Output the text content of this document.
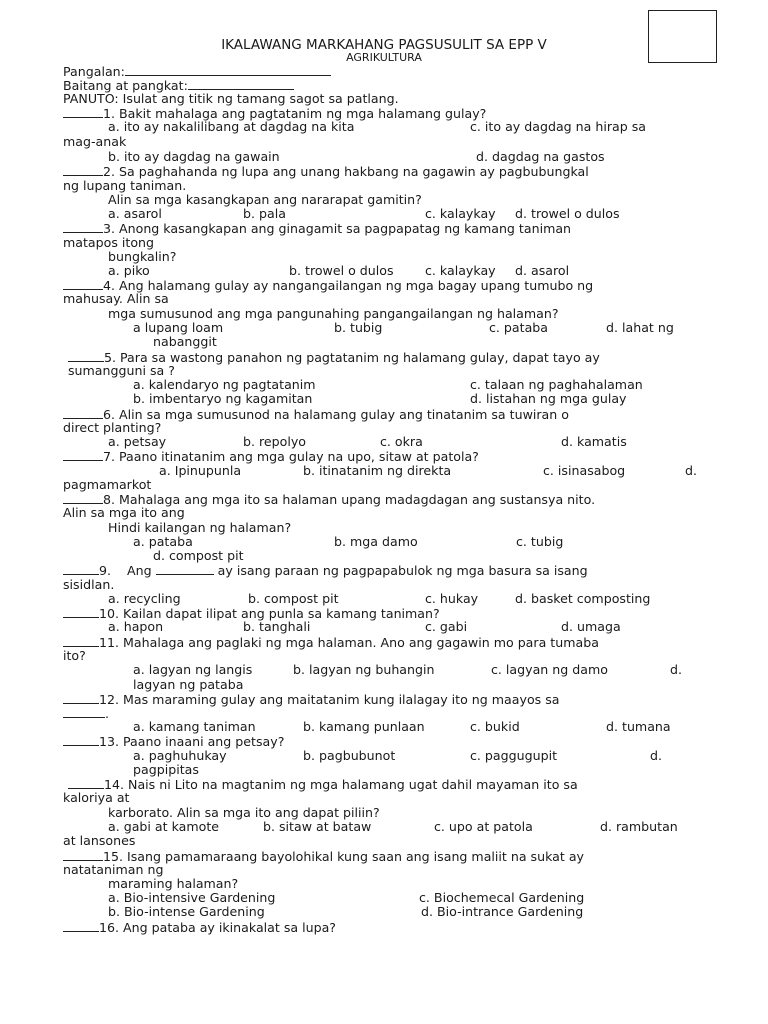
IKALAWANG MARKAHANG PAGSUSULIT SA EPP V
AGRIKULTURA
Pangalan:
Baitang at pangkat:
PANUTO: Isulat ang titik ng tamang sagot sa patlang.
1. Bakit mahalaga ang pagtatanim ng mga halamang gulay?
a. ito ay nakalilibang at dagdag na kita	c. ito ay dagdag na hirap sa
mag-anak
b. ito ay dagdag na gawain	d. dagdag na gastos
2. Sa paghahanda ng lupa ang unang hakbang na gagawin ay pagbubungkal
ng lupang taniman.
Alin sa mga kasangkapan ang nararapat gamitin?
a. asarol	b. pala	c. kalaykay d. trowel o dulos
3. Anong kasangkapan ang ginagamit sa pagpapatag ng kamang taniman
matapos itong
bungkalin?
a. piko	b. trowel o dulos c. kalaykay d. asarol
4. Ang halamang gulay ay nangangailangan ng mga bagay upang tumubo ng
mahusay. Alin sa
mga sumusunod ang mga pangunahing pangangailangan ng halaman?
a lupang loam	b. tubig	c. pataba	d. lahat ng
nabanggit
5. Para sa wastong panahon ng pagtatanim ng halamang gulay, dapat tayo ay
sumangguni sa ?
a. kalendaryo ng pagtatanim	c. talaan ng paghahalaman
b. imbentaryo ng kagamitan	d. listahan ng mga gulay
6. Alin sa mga sumusunod na halamang gulay ang tinatanim sa tuwiran o
direct planting?
a. petsay	b. repolyo	c. okra	d. kamatis
7. Paano itinatanim ang mga gulay na upo, sitaw at patola?
a. Ipinupunla	b. itinatanim ng direkta	c. isinasabog	d.
pagmamarkot
8. Mahalaga ang mga ito sa halaman upang madagdagan ang sustansya nito.
Alin sa mga ito ang
Hindi kailangan ng halaman?
a. pataba	b. mga damo	c. tubig
d. compost pit
9. Ang	ay isang paraan ng pagpapabulok ng mga basura sa isang
sisidlan.
a. recycling	b. compost pit	c. hukay	d. basket composting
10. Kailan dapat ilipat ang punla sa kamang taniman?
a. hapon	b. tanghali	c. gabi	d. umaga
11. Mahalaga ang paglaki ng mga halaman. Ano ang gagawin mo para tumaba
ito?
a. lagyan ng langis	b. lagyan ng buhangin	c. lagyan ng damo	d.
lagyan ng pataba
12. Mas maraming gulay ang maitatanim kung ilalagay ito ng maayos sa
.
a. kamang taniman	b. kamang punlaan	c. bukid	d. tumana
13. Paano inaani ang petsay?
a. paghuhukay	b. pagbubunot	c. paggugupit	d.
pagpipitas
14. Nais ni Lito na magtanim ng mga halamang ugat dahil mayaman ito sa
kaloriya at
karborato. Alin sa mga ito ang dapat piliin?
a. gabi at kamote	b. sitaw at bataw	c. upo at patola	d. rambutan
at lansones
15. Isang pamamaraang bayolohikal kung saan ang isang maliit na sukat ay
natataniman ng
maraming halaman?
a. Bio-intensive Gardening	c. Biochemecal Gardening
b. Bio-intense Gardening	d. Bio-intrance Gardening
16. Ang pataba ay ikinakalat sa lupa?
